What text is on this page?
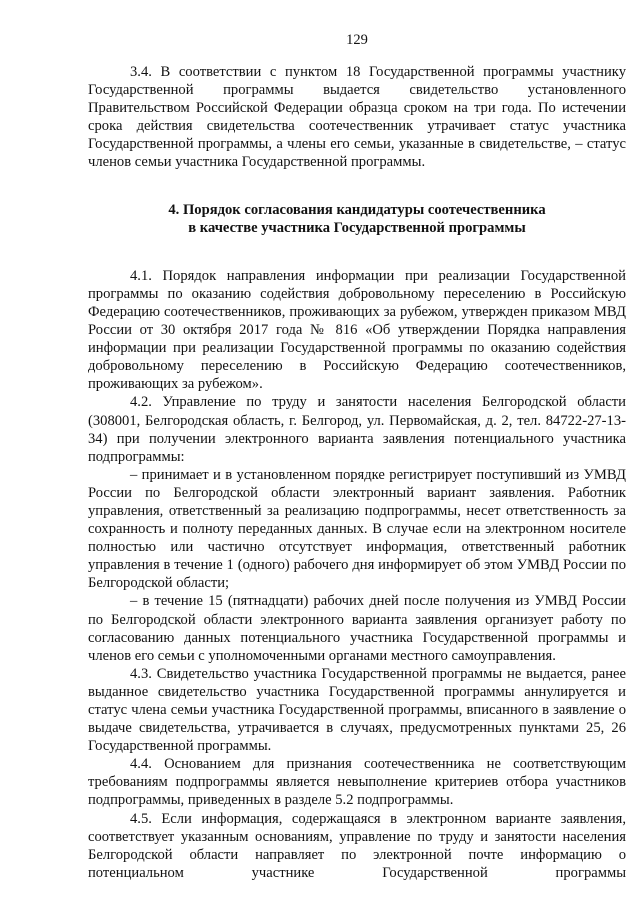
129

3.4. В соответствии с пунктом 18 Государственной программы участнику Государственной программы выдается свидетельство установленного Правительством Российской Федерации образца сроком на три года. По истечении срока действия свидетельства соотечественник утрачивает статус участника Государственной программы, а члены его семьи, указанные в свидетельстве, – статус членов семьи участника Государственной программы.

4. Порядок согласования кандидатуры соотечественника
в качестве участника Государственной программы

4.1. Порядок направления информации при реализации Государственной программы по оказанию содействия добровольному переселению в Российскую Федерацию соотечественников, проживающих за рубежом, утвержден приказом МВД России от 30 октября 2017 года № 816 «Об утверждении Порядка направления информации при реализации Государственной программы по оказанию содействия добровольному переселению в Российскую Федерацию соотечественников, проживающих за рубежом».

4.2. Управление по труду и занятости населения Белгородской области (308001, Белгородская область, г. Белгород, ул. Первомайская, д. 2, тел. 84722-27-13-34) при получении электронного варианта заявления потенциального участника подпрограммы:

– принимает и в установленном порядке регистрирует поступивший из УМВД России по Белгородской области электронный вариант заявления. Работник управления, ответственный за реализацию подпрограммы, несет ответственность за сохранность и полноту переданных данных. В случае если на электронном носителе полностью или частично отсутствует информация, ответственный работник управления в течение 1 (одного) рабочего дня информирует об этом УМВД России по Белгородской области;

– в течение 15 (пятнадцати) рабочих дней после получения из УМВД России по Белгородской области электронного варианта заявления организует работу по согласованию данных потенциального участника Государственной программы и членов его семьи с уполномоченными органами местного самоуправления.

4.3. Свидетельство участника Государственной программы не выдается, ранее выданное свидетельство участника Государственной программы аннулируется и статус члена семьи участника Государственной программы, вписанного в заявление о выдаче свидетельства, утрачивается в случаях, предусмотренных пунктами 25, 26 Государственной программы.

4.4. Основанием для признания соотечественника не соответствующим требованиям подпрограммы является невыполнение критериев отбора участников подпрограммы, приведенных в разделе 5.2 подпрограммы.

4.5. Если информация, содержащаяся в электронном варианте заявления, соответствует указанным основаниям, управление по труду и занятости населения Белгородской области направляет по электронной почте информацию о потенциальном участнике Государственной программы
